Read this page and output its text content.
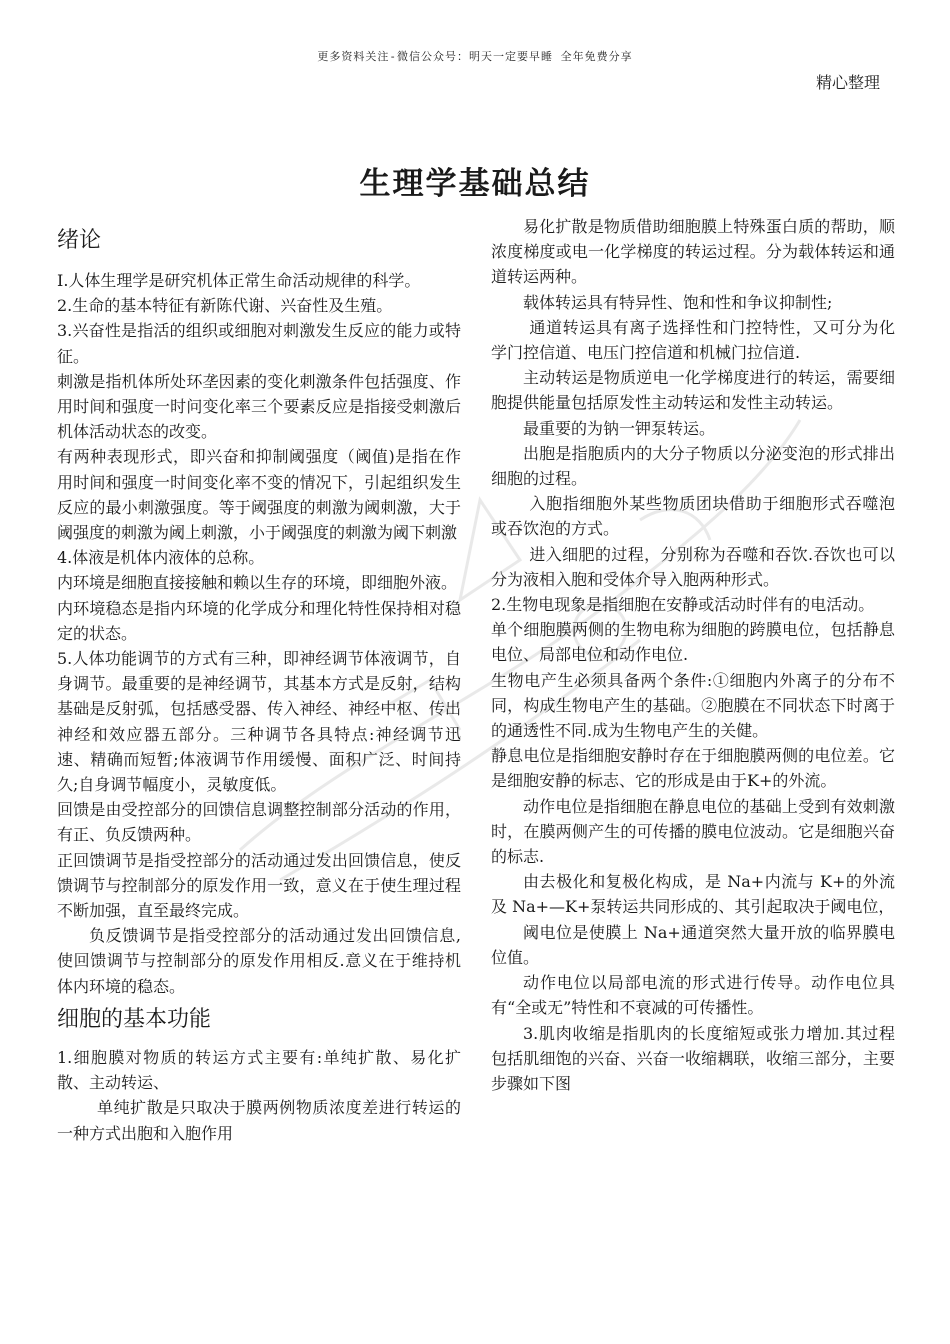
更多资料关注-微信公众号：明天一定要早睡 全年免费分享
精心整理
生理学基础总结
绪论

I.人体生理学是研究机体正常生命活动规律的科学。

2.生命的基本特征有新陈代谢、兴奋性及生殖。

3.兴奋性是指活的组织或细胞对刺激发生反应的能力或特征。

刺激是指机体所处环垄因素的变化刺激条件包括强度、作用时间和强度一时问变化率三个要素反应是指接受刺激后机体活动状态的改变。

有两种表现形式，即兴奋和抑制阈强度（阈值)是指在作用时间和强度一时间变化率不变的情况下，引起组织发生反应的最小刺激强度。等于阈强度的刺激为阈刺激，大于阈强度的刺激为阈上刺激，小于阈强度的刺激为阈下刺激

4.体液是机体内液体的总称。

内环境是细胞直接接触和赖以生存的环境，即细胞外液。

内环境稳态是指内环境的化学成分和理化特性保持相对稳定的状态。

5.人体功能调节的方式有三种，即神经调节体液调节，自身调节。最重要的是神经调节，其基本方式是反射，结构基础是反射弧，包括感受器、传入神经、神经中枢、传出神经和效应器五部分。三种调节各具特点:神经调节迅速、精确而短暂;体液调节作用缓慢、面积广泛、时间持久;自身调节幅度小，灵敏度低。

回馈是由受控部分的回馈信息调整控制部分活动的作用，有正、负反馈两种。

正回馈调节是指受控部分的活动通过发出回馈信息，使反馈调节与控制部分的原发作用一致，意义在于使生理过程不断加强，直至最终完成。

负反馈调节是指受控部分的活动通过发出回馈信息,使回馈调节与控制部分的原发作用相反.意义在于维持机体内环境的稳态。

细胞的基本功能

1.细胞膜对物质的转运方式主要有:单纯扩散、易化扩散、主动转运、

单纯扩散是只取决于膜两例物质浓度差进行转运的一种方式出胞和入胞作用

易化扩散是物质借助细胞膜上特殊蛋白质的帮助，顺浓度梯度或电一化学梯度的转运过程。分为载体转运和通道转运两种。

载体转运具有特异性、饱和性和争议抑制性;

通道转运具有离子选择性和门控特性，又可分为化学门控信道、电压门控信道和机械门拉信道.

主动转运是物质逆电一化学梯度进行的转运，需要细胞提供能量包括原发性主动转运和发性主动转运。

最重要的为钠一钾泵转运。

出胞是指胞质内的大分子物质以分泌变泡的形式排出细胞的过程。

入胞指细胞外某些物质团块借助于细胞形式吞噬泡或吞饮泡的方式。

进入细肥的过程，分别称为吞噬和吞饮.吞饮也可以分为液相入胞和受体介导入胞两种形式。

2.生物电现象是指细胞在安静或活动时伴有的电活动。

单个细胞膜两侧的生物电称为细胞的跨膜电位，包括静息电位、局部电位和动作电位.

生物电产生必须具备两个条件:①细胞内外离子的分布不同，构成生物电产生的基础。②胞膜在不同状态下时离于的通透性不同.成为生物电产生的关健。

静息电位是指细胞安静时存在于细胞膜两侧的电位差。它是细胞安静的标志、它的形成是由于K+的外流。

动作电位是指细胞在静息电位的基础上受到有效刺激时，在膜两侧产生的可传播的膜电位波动。它是细胞兴奋的标志.

由去极化和复极化构成，是 Na+内流与 K+的外流及 Na+—K+泵转运共同形成的、其引起取决于阈电位，

阈电位是使膜上 Na+通道突然大量开放的临界膜电位值。

动作电位以局部电流的形式进行传导。动作电位具有“全或无”特性和不衰减的可传播性。

3.肌肉收缩是指肌肉的长度缩短或张力增加.其过程包括肌细饱的兴奋、兴奋一收缩耦联，收缩三部分，主要步骤如下图
